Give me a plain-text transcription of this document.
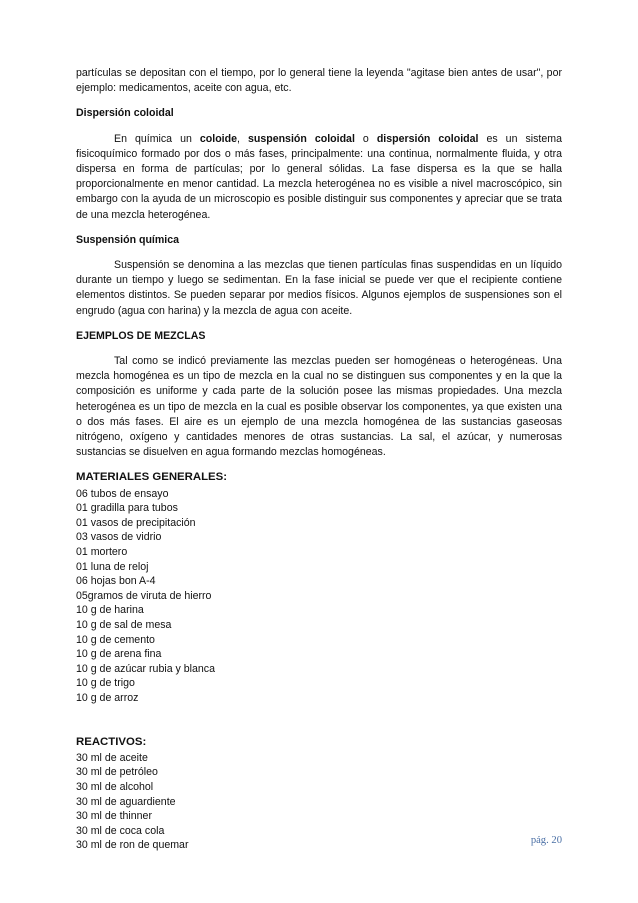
partículas se depositan con el tiempo, por lo general tiene la leyenda "agitase bien antes de usar", por ejemplo: medicamentos, aceite con agua, etc.

Dispersión coloidal

En química un coloide, suspensión coloidal o dispersión coloidal es un sistema fisicoquímico formado por dos o más fases, principalmente: una continua, normalmente fluida, y otra dispersa en forma de partículas; por lo general sólidas. La fase dispersa es la que se halla proporcionalmente en menor cantidad. La mezcla heterogénea no es visible a nivel macroscópico, sin embargo con la ayuda de un microscopio es posible distinguir sus componentes y apreciar que se trata de una mezcla heterogénea.

Suspensión química

Suspensión se denomina a las mezclas que tienen partículas finas suspendidas en un líquido durante un tiempo y luego se sedimentan. En la fase inicial se puede ver que el recipiente contiene elementos distintos. Se pueden separar por medios físicos. Algunos ejemplos de suspensiones son el engrudo (agua con harina) y la mezcla de agua con aceite.

EJEMPLOS DE MEZCLAS

Tal como se indicó previamente las mezclas pueden ser homogéneas o heterogéneas. Una mezcla homogénea es un tipo de mezcla en la cual no se distinguen sus componentes y en la que la composición es uniforme y cada parte de la solución posee las mismas propiedades. Una mezcla heterogénea es un tipo de mezcla en la cual es posible observar los componentes, ya que existen una o dos más fases. El aire es un ejemplo de una mezcla homogénea de las sustancias gaseosas nitrógeno, oxígeno y cantidades menores de otras sustancias. La sal, el azúcar, y numerosas sustancias se disuelven en agua formando mezclas homogéneas.

MATERIALES GENERALES:
06 tubos de ensayo
01 gradilla para tubos
01 vasos de precipitación
03 vasos de vidrio
01 mortero
01 luna de reloj
06 hojas bon A-4
05gramos de viruta de hierro
10 g de harina
10 g de sal de mesa
10 g de cemento
10 g de arena fina
10 g de azúcar rubia y blanca
10 g de trigo
10 g de arroz
REACTIVOS:
30 ml de aceite
30 ml de petróleo
30 ml de alcohol
30 ml de aguardiente
30 ml de thinner
30 ml de coca cola
30 ml de ron de quemar	pág. 20
